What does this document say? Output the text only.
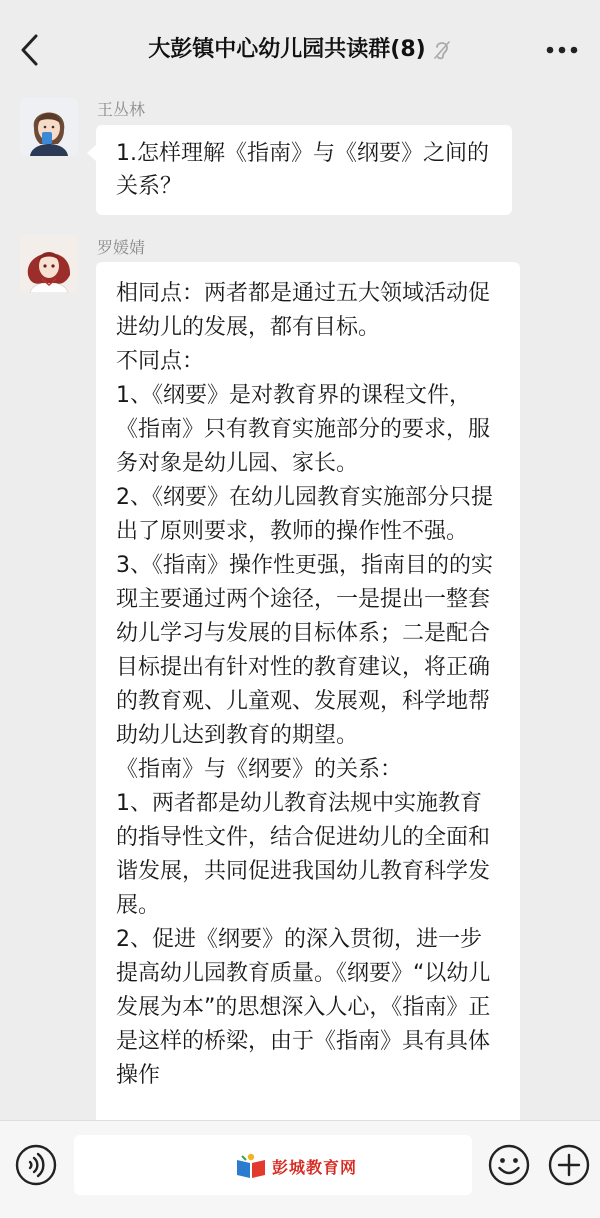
大彭镇中心幼儿园共读群(8)
王丛林
1.怎样理解《指南》与《纲要》之间的关系？
罗媛婧
相同点：两者都是通过五大领域活动促进幼儿的发展，都有目标。
不同点：
1、《纲要》是对教育界的课程文件，《指南》只有教育实施部分的要求，服务对象是幼儿园、家长。
2、《纲要》在幼儿园教育实施部分只提出了原则要求，教师的操作性不强。
3、《指南》操作性更强，指南目的的实现主要通过两个途径，一是提出一整套幼儿学习与发展的目标体系；二是配合目标提出有针对性的教育建议，将正确的教育观、儿童观、发展观，科学地帮助幼儿达到教育的期望。
《指南》与《纲要》的关系：
1、两者都是幼儿教育法规中实施教育的指导性文件，结合促进幼儿的全面和谐发展，共同促进我国幼儿教育科学发展。
2、促进《纲要》的深入贯彻，进一步提高幼儿园教育质量。《纲要》“以幼儿发展为本”的思想深入人心，《指南》正是这样的桥梁，由于《指南》具有具体操作
彭城教育网
